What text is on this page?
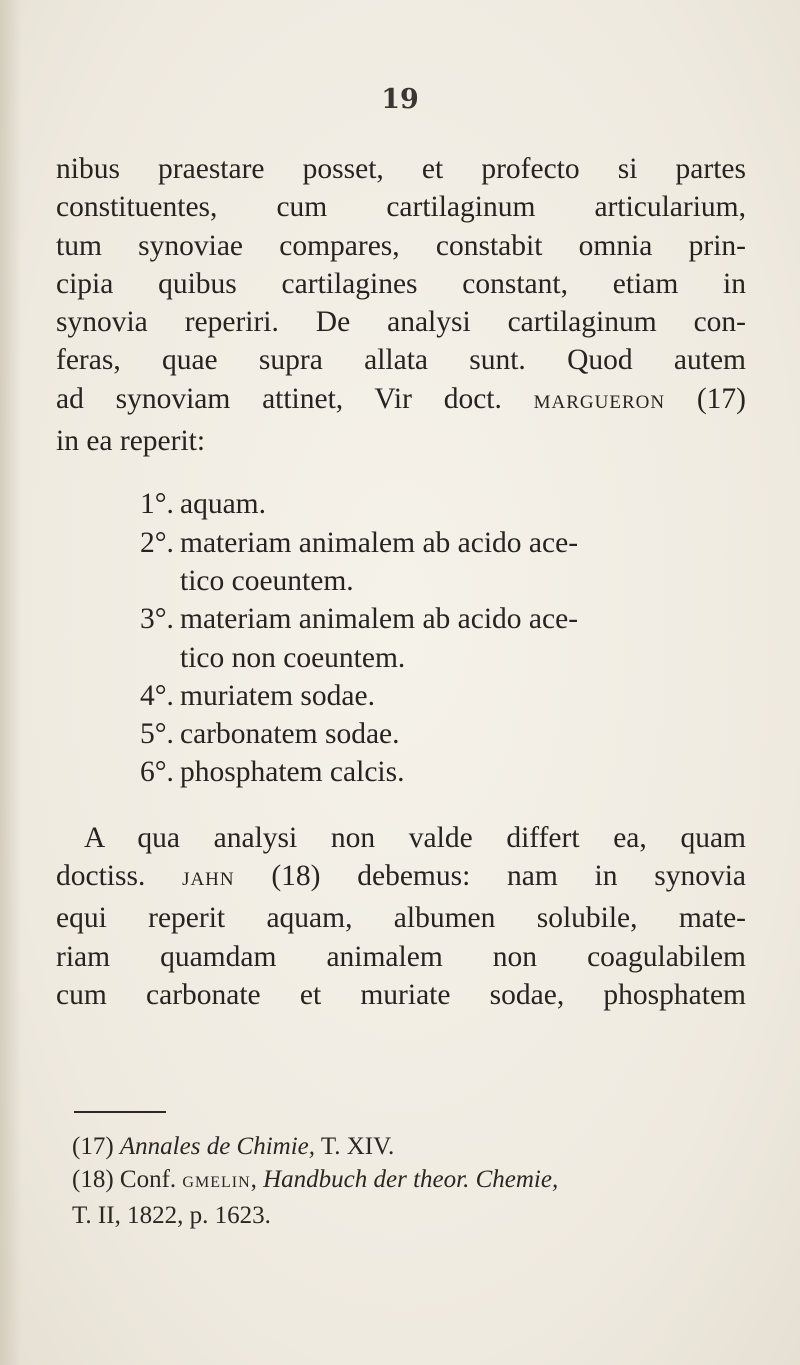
19
nibus praestare posset, et profecto si partes
constituentes, cum cartilaginum articularium,
tum synoviae compares, constabit omnia prin-
cipia quibus cartilagines constant, etiam in
synovia reperiri. De analysi cartilaginum con-
feras, quae supra allata sunt. Quod autem
ad synoviam attinet, Vir doct. MARGUERON (17)
in ea reperit:
1°. aquam.
2°. materiam animalem ab acido ace-
tico coeuntem.
3°. materiam animalem ab acido ace-
tico non coeuntem.
4°. muriatem sodae.
5°. carbonatem sodae.
6°. phosphatem calcis.
A qua analysi non valde differt ea, quam
doctiss. JAHN (18) debemus: nam in synovia
equi reperit aquam, albumen solubile, mate-
riam quamdam animalem non coagulabilem
cum carbonate et muriate sodae, phosphatem
(17) Annales de Chimie, T. XIV.
(18) Conf. GMELIN, Handbuch der theor. Chemie,
T. II, 1822, p. 1623.
